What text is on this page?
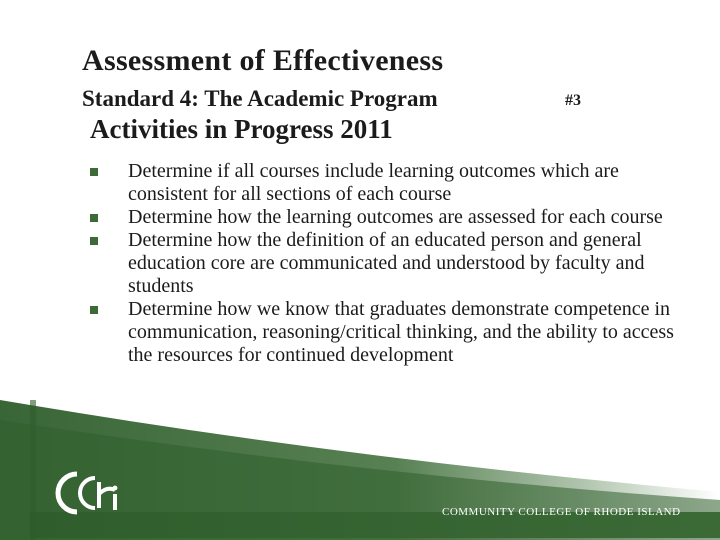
COMMUNITY COLLEGE OF RHODE ISLAND
Assessment of Effectiveness
Standard 4: The Academic Program	#3
Activities in Progress 2011
Determine if all courses include learning outcomes which are consistent for all sections of each course
Determine how the learning outcomes are assessed for each course
Determine how the definition of an educated person and general education core are communicated and understood by faculty and students
Determine how we know that graduates demonstrate competence in communication, reasoning/critical thinking, and the ability to access the resources for continued development
